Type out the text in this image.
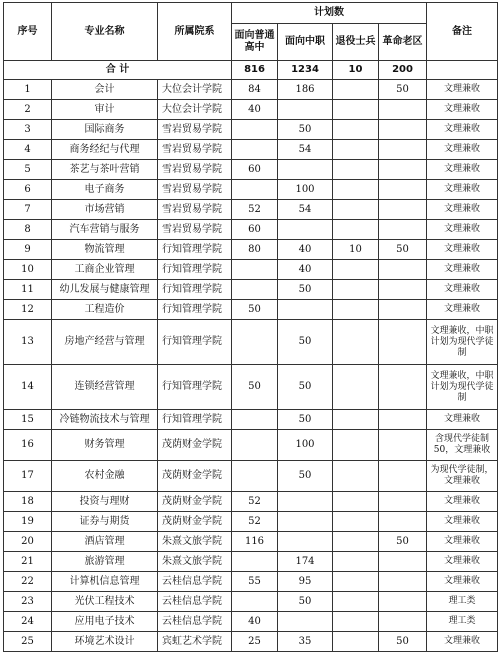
序号	专业名称	所属院系	计划数				备注
			面向普通高中	面向中职	退役士兵	革命老区	
合 计			816	1234	10	200	
1	会计	大位会计学院	84	186		50	文理兼收
2	审计	大位会计学院	40				文理兼收
3	国际商务	雪岩贸易学院		50			文理兼收
4	商务经纪与代理	雪岩贸易学院		54			文理兼收
5	茶艺与茶叶营销	雪岩贸易学院	60				文理兼收
6	电子商务	雪岩贸易学院		100			文理兼收
7	市场营销	雪岩贸易学院	52	54			文理兼收
8	汽车营销与服务	雪岩贸易学院	60				文理兼收
9	物流管理	行知管理学院	80	40	10	50	文理兼收
10	工商企业管理	行知管理学院		40			文理兼收
11	幼儿发展与健康管理	行知管理学院		50			文理兼收
12	工程造价	行知管理学院	50				文理兼收
13	房地产经营与管理	行知管理学院		50			文理兼收，中职计划为现代学徒制
14	连锁经营管理	行知管理学院	50	50			文理兼收，中职计划为现代学徒制
15	冷链物流技术与管理	行知管理学院		50			文理兼收
16	财务管理	茂荫财金学院		100			含现代学徒制50，文理兼收
17	农村金融	茂荫财金学院		50			为现代学徒制，文理兼收
18	投资与理财	茂荫财金学院	52				文理兼收
19	证券与期货	茂荫财金学院	52				文理兼收
20	酒店管理	朱熹文旅学院	116			50	文理兼收
21	旅游管理	朱熹文旅学院		174			文理兼收
22	计算机信息管理	云桂信息学院	55	95			文理兼收
23	光伏工程技术	云桂信息学院		50			理工类
24	应用电子技术	云桂信息学院	40				理工类
25	环境艺术设计	宾虹艺术学院	25	35		50	文理兼收
